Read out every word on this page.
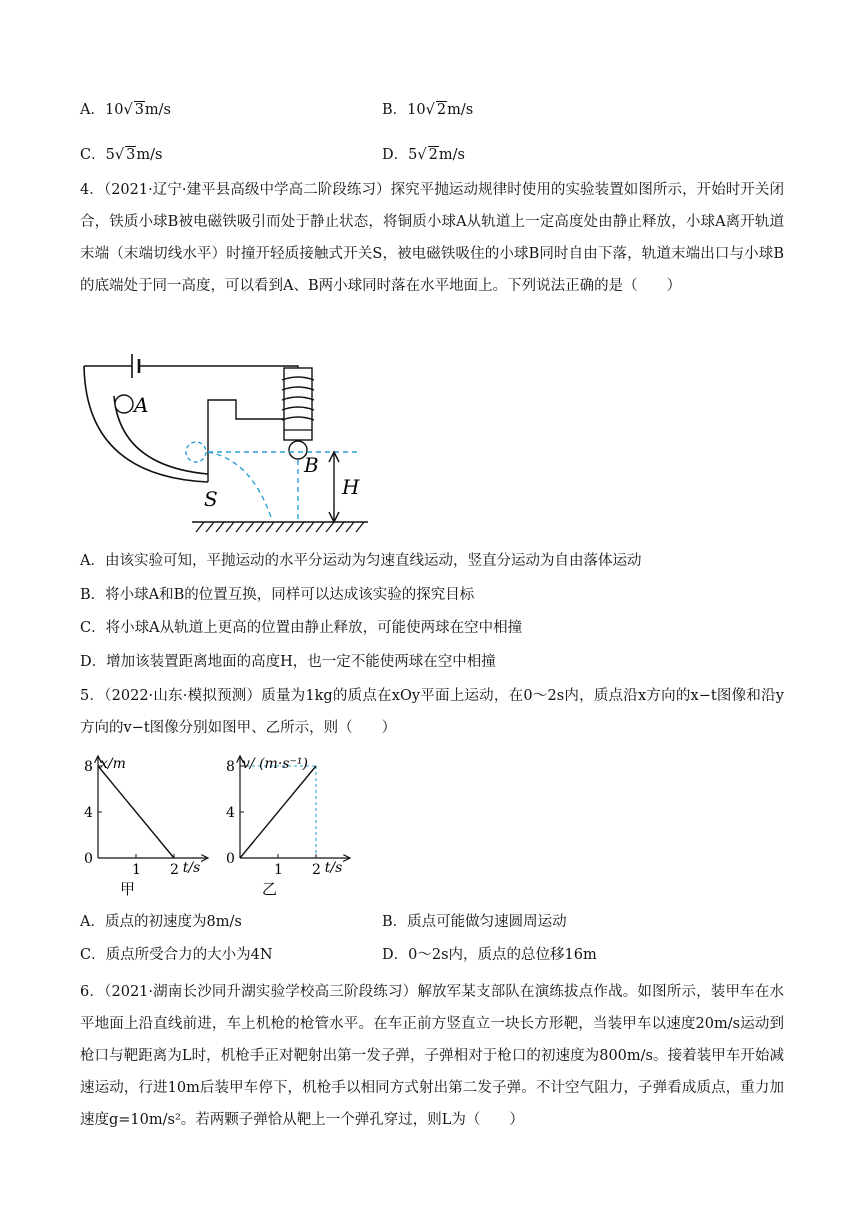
A．10√ 3m/s	B．10√ 2m/s
C．5√ 3m/s	D．5√ 2m/s
4．（2021·辽宁·建平县高级中学高二阶段练习）探究平抛运动规律时使用的实验装置如图所示，开始时开关闭合，铁质小球B被电磁铁吸引而处于静止状态，将铜质小球A从轨道上一定高度处由静止释放，小球A离开轨道末端（末端切线水平）时撞开轻质接触式开关S，被电磁铁吸住的小球B同时自由下落，轨道末端出口与小球B的底端处于同一高度，可以看到A、B两小球同时落在水平地面上。下列说法正确的是（　　）
A
B
S	H
A．由该实验可知，平抛运动的水平分运动为匀速直线运动，竖直分运动为自由落体运动
B．将小球A和B的位置互换，同样可以达成该实验的探究目标
C．将小球A从轨道上更高的位置由静止释放，可能使两球在空中相撞
D．增加该装置距离地面的高度H，也一定不能使两球在空中相撞
5．（2022·山东·模拟预测）质量为1kg的质点在xOy平面上运动，在0～2s内，质点沿x方向的x−t图像和沿y方向的v−t图像分别如图甲、乙所示，则（　　）
1 2
4
8
0
t/s
x/m
甲
1 2
4
8
0
t/s
v/ (m·s⁻¹)
乙
A．质点的初速度为8m/s	B．质点可能做匀速圆周运动
C．质点所受合力的大小为4N	D．0～2s内，质点的总位移16m
6．（2021·湖南长沙同升湖实验学校高三阶段练习）解放军某支部队在演练拔点作战。如图所示，装甲车在水平地面上沿直线前进，车上机枪的枪管水平。在车正前方竖直立一块长方形靶，当装甲车以速度20m/s运动到枪口与靶距离为L时，机枪手正对靶射出第一发子弹，子弹相对于枪口的初速度为800m/s。接着装甲车开始减速运动，行进10m后装甲车停下，机枪手以相同方式射出第二发子弹。不计空气阻力，子弹看成质点，重力加速度g=10m/s²。若两颗子弹恰从靶上一个弹孔穿过，则L为（　　）
